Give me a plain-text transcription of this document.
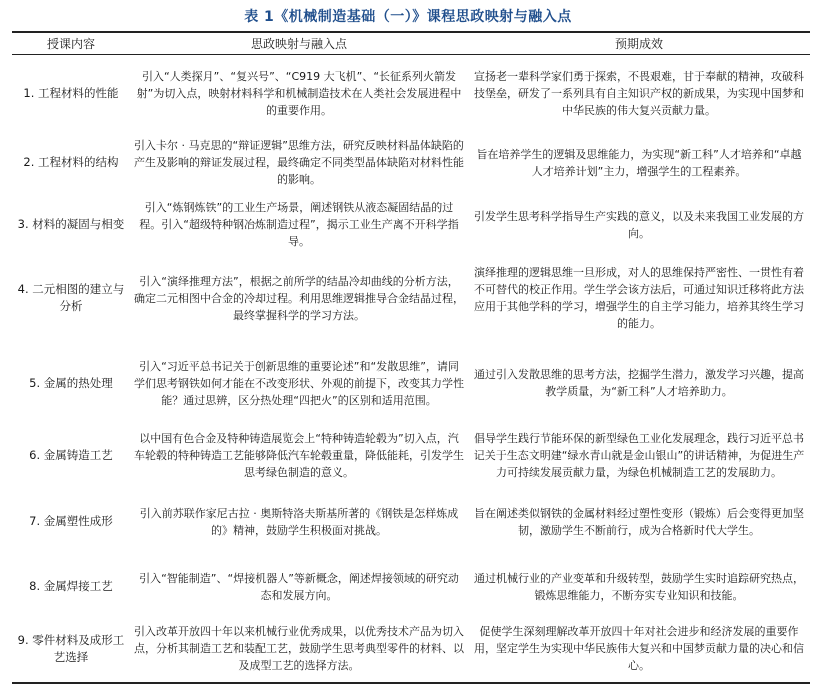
表 1《机械制造基础（一）》课程思政映射与融入点
授课内容	思政映射与融入点	预期成效
1. 工程材料的性能	引入“人类探月”、“复兴号”、“C919 大飞机”、“长征系列火箭发射”为切入点，映射材料科学和机械制造技术在人类社会发展进程中的重要作用。	宣扬老一辈科学家们勇于探索，不畏艰难，甘于奉献的精神，攻破科技堡垒，研发了一系列具有自主知识产权的新成果，为实现中国梦和中华民族的伟大复兴贡献力量。
2. 工程材料的结构	引入卡尔 · 马克思的“辩证逻辑”思维方法，研究反映材料晶体缺陷的产生及影响的辩证发展过程，最终确定不同类型晶体缺陷对材料性能的影响。	旨在培养学生的逻辑及思维能力，为实现“新工科”人才培养和“卓越人才培养计划”主力，增强学生的工程素养。
3. 材料的凝固与相变	引入“炼钢炼铁”的工业生产场景，阐述钢铁从液态凝固结晶的过程。引入“超级特种钢冶炼制造过程”，揭示工业生产离不开科学指导。	引发学生思考科学指导生产实践的意义，以及未来我国工业发展的方向。
4. 二元相图的建立与分析	引入“演绎推理方法”，根据之前所学的结晶冷却曲线的分析方法，确定二元相图中合金的冷却过程。利用思维逻辑推导合金结晶过程，最终掌握科学的学习方法。	演绎推理的逻辑思维一旦形成，对人的思维保持严密性、一贯性有着不可替代的校正作用。学生学会该方法后，可通过知识迁移将此方法应用于其他学科的学习，增强学生的自主学习能力，培养其终生学习的能力。
5. 金属的热处理	引入“习近平总书记关于创新思维的重要论述”和“发散思维”，请同学们思考钢铁如何才能在不改变形状、外观的前提下，改变其力学性能？通过思辨，区分热处理“四把火”的区别和适用范围。	通过引入发散思维的思考方法，挖掘学生潜力，激发学习兴趣，提高教学质量，为“新工科”人才培养助力。
6. 金属铸造工艺	以中国有色合金及特种铸造展览会上“特种铸造轮毂为”切入点，汽车轮毂的特种铸造工艺能够降低汽车轮毂重量，降低能耗，引发学生思考绿色制造的意义。	倡导学生践行节能环保的新型绿色工业化发展理念，践行习近平总书记关于生态文明建“绿水青山就是金山银山”的讲话精神，为促进生产力可持续发展贡献力量，为绿色机械制造工艺的发展助力。
7. 金属塑性成形	引入前苏联作家尼古拉 · 奥斯特洛夫斯基所著的《钢铁是怎样炼成的》精神，鼓励学生积极面对挑战。	旨在阐述类似钢铁的金属材料经过塑性变形（锻炼）后会变得更加坚韧，激励学生不断前行，成为合格新时代大学生。
8. 金属焊接工艺	引入“智能制造”、“焊接机器人”等新概念，阐述焊接领域的研究动态和发展方向。	通过机械行业的产业变革和升级转型，鼓励学生实时追踪研究热点，锻炼思维能力，不断夯实专业知识和技能。
9. 零件材料及成形工艺选择	引入改革开放四十年以来机械行业优秀成果，以优秀技术产品为切入点，分析其制造工艺和装配工艺，鼓励学生思考典型零件的材料、以及成型工艺的选择方法。	促使学生深刻理解改革开放四十年对社会进步和经济发展的重要作用，坚定学生为实现中华民族伟大复兴和中国梦贡献力量的决心和信心。
